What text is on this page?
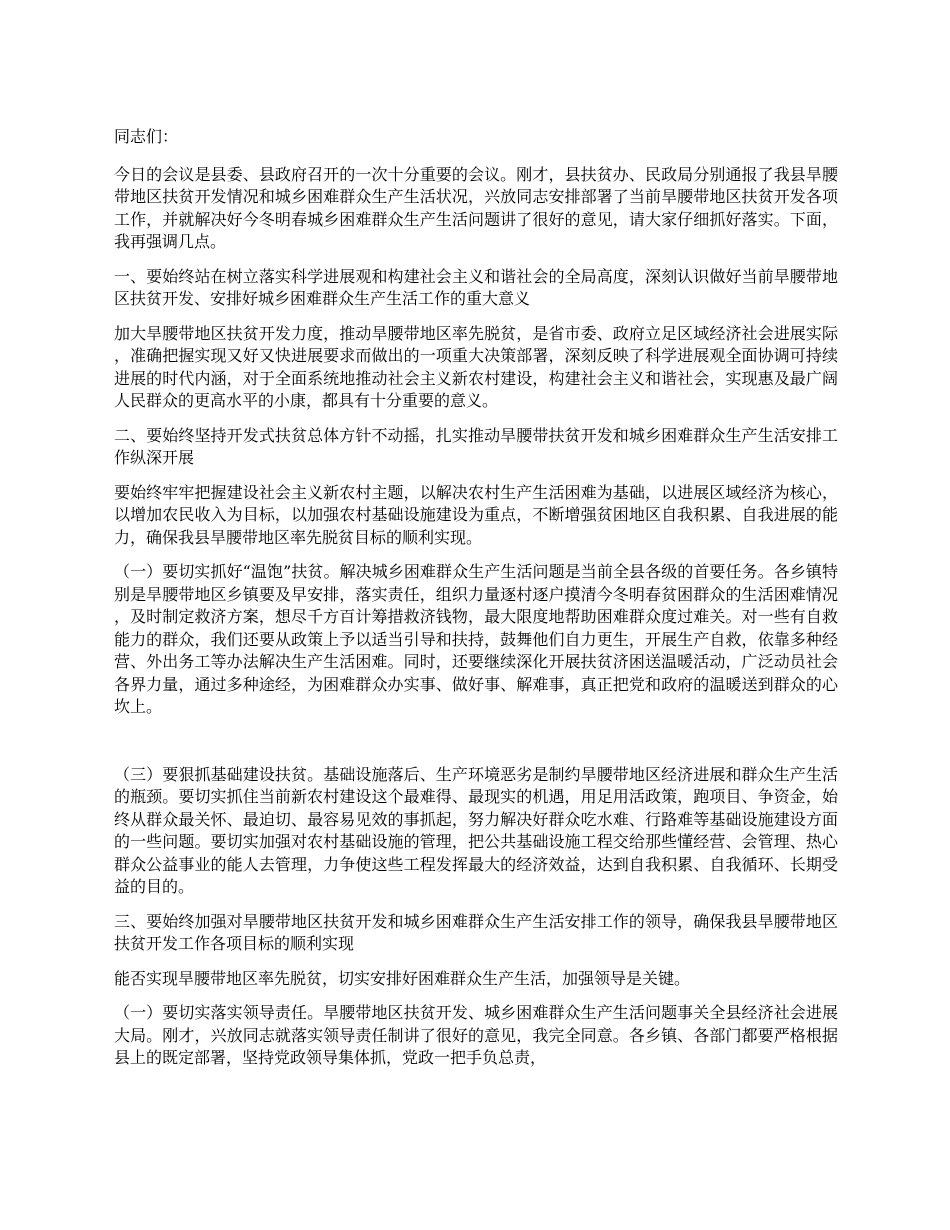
同志们：

今日的会议是县委、县政府召开的一次十分重要的会议。刚才，县扶贫办、民政局分别通报了我县旱腰带地区扶贫开发情况和城乡困难群众生产生活状况，兴放同志安排部署了当前旱腰带地区扶贫开发各项工作，并就解决好今冬明春城乡困难群众生产生活问题讲了很好的意见，请大家仔细抓好落实。下面，我再强调几点。

一、要始终站在树立落实科学进展观和构建社会主义和谐社会的全局高度，深刻认识做好当前旱腰带地区扶贫开发、安排好城乡困难群众生产生活工作的重大意义

加大旱腰带地区扶贫开发力度，推动旱腰带地区率先脱贫，是省市委、政府立足区域经济社会进展实际，准确把握实现又好又快进展要求而做出的一项重大决策部署，深刻反映了科学进展观全面协调可持续进展的时代内涵，对于全面系统地推动社会主义新农村建设，构建社会主义和谐社会，实现惠及最广阔人民群众的更高水平的小康，都具有十分重要的意义。

二、要始终坚持开发式扶贫总体方针不动摇，扎实推动旱腰带扶贫开发和城乡困难群众生产生活安排工作纵深开展

要始终牢牢把握建设社会主义新农村主题，以解决农村生产生活困难为基础，以进展区域经济为核心，以增加农民收入为目标，以加强农村基础设施建设为重点，不断增强贫困地区自我积累、自我进展的能力，确保我县旱腰带地区率先脱贫目标的顺利实现。

（一）要切实抓好“温饱”扶贫。解决城乡困难群众生产生活问题是当前全县各级的首要任务。各乡镇特别是旱腰带地区乡镇要及早安排，落实责任，组织力量逐村逐户摸清今冬明春贫困群众的生活困难情况，及时制定救济方案，想尽千方百计筹措救济钱物，最大限度地帮助困难群众度过难关。对一些有自救能力的群众，我们还要从政策上予以适当引导和扶持，鼓舞他们自力更生，开展生产自救，依靠多种经营、外出务工等办法解决生产生活困难。同时，还要继续深化开展扶贫济困送温暖活动，广泛动员社会各界力量，通过多种途经，为困难群众办实事、做好事、解难事，真正把党和政府的温暖送到群众的心坎上。

（三）要狠抓基础建设扶贫。基础设施落后、生产环境恶劣是制约旱腰带地区经济进展和群众生产生活的瓶颈。要切实抓住当前新农村建设这个最难得、最现实的机遇，用足用活政策，跑项目、争资金，始终从群众最关怀、最迫切、最容易见效的事抓起，努力解决好群众吃水难、行路难等基础设施建设方面的一些问题。要切实加强对农村基础设施的管理，把公共基础设施工程交给那些懂经营、会管理、热心群众公益事业的能人去管理，力争使这些工程发挥最大的经济效益，达到自我积累、自我循环、长期受益的目的。

三、要始终加强对旱腰带地区扶贫开发和城乡困难群众生产生活安排工作的领导，确保我县旱腰带地区扶贫开发工作各项目标的顺利实现

能否实现旱腰带地区率先脱贫，切实安排好困难群众生产生活，加强领导是关键。

（一）要切实落实领导责任。旱腰带地区扶贫开发、城乡困难群众生产生活问题事关全县经济社会进展大局。刚才，兴放同志就落实领导责任制讲了很好的意见，我完全同意。各乡镇、各部门都要严格根据县上的既定部署，坚持党政领导集体抓，党政一把手负总责，
